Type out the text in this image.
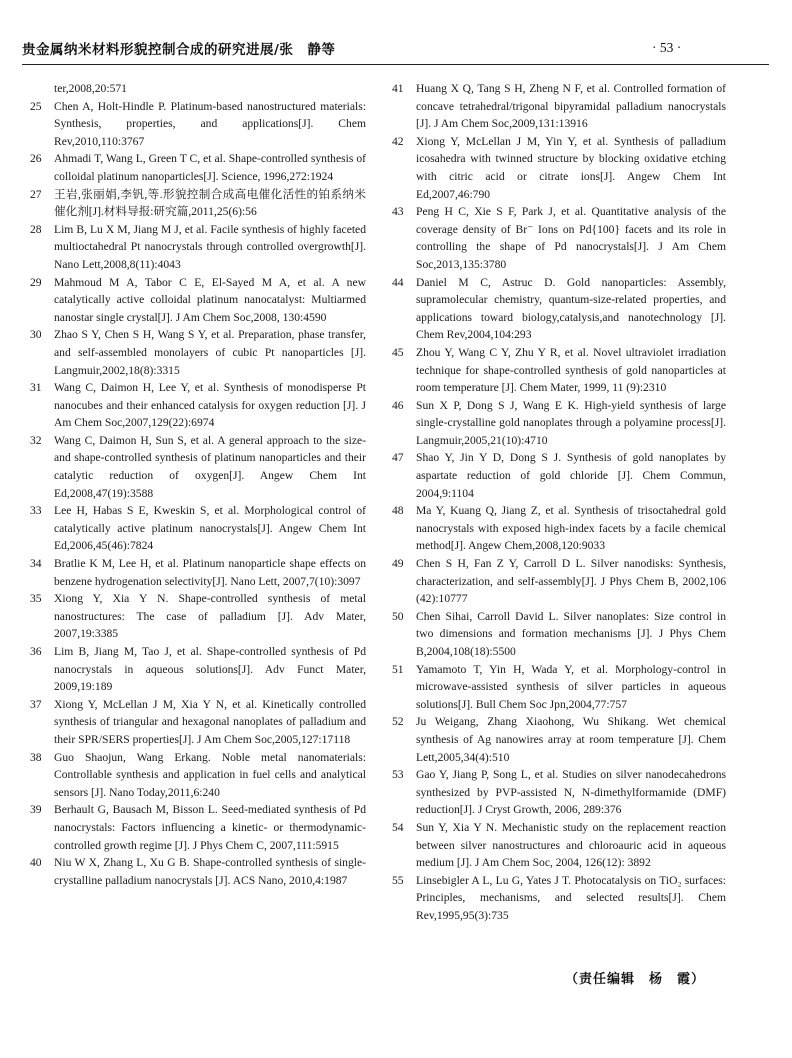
贵金属纳米材料形貌控制合成的研究进展/张　静等	· 53 ·

ter,2008,20:571

25	Chen A, Holt-Hindle P. Platinum-based nanostructured materials: Synthesis, properties, and applications[J]. Chem Rev,2010,110:3767

26	Ahmadi T, Wang L, Green T C, et al. Shape-controlled synthesis of colloidal platinum nanoparticles[J]. Science, 1996,272:1924

27	王岩,张丽娟,李钒,等.形貌控制合成高电催化活性的铂系纳米催化剂[J].材料导报:研究篇,2011,25(6):56

28	Lim B, Lu X M, Jiang M J, et al. Facile synthesis of highly faceted multioctahedral Pt nanocrystals through controlled overgrowth[J]. Nano Lett,2008,8(11):4043

29	Mahmoud M A, Tabor C E, El-Sayed M A, et al. A new catalytically active colloidal platinum nanocatalyst: Multiarmed nanostar single crystal[J]. J Am Chem Soc,2008, 130:4590

30	Zhao S Y, Chen S H, Wang S Y, et al. Preparation, phase transfer, and self-assembled monolayers of cubic Pt nanoparticles [J]. Langmuir,2002,18(8):3315

31	Wang C, Daimon H, Lee Y, et al. Synthesis of monodisperse Pt nanocubes and their enhanced catalysis for oxygen reduction [J]. J Am Chem Soc,2007,129(22):6974

32	Wang C, Daimon H, Sun S, et al. A general approach to the size- and shape-controlled synthesis of platinum nanoparticles and their catalytic reduction of oxygen[J]. Angew Chem Int Ed,2008,47(19):3588

33	Lee H, Habas S E, Kweskin S, et al. Morphological control of catalytically active platinum nanocrystals[J]. Angew Chem Int Ed,2006,45(46):7824

34	Bratlie K M, Lee H, et al. Platinum nanoparticle shape effects on benzene hydrogenation selectivity[J]. Nano Lett, 2007,7(10):3097

35	Xiong Y, Xia Y N. Shape-controlled synthesis of metal nanostructures: The case of palladium [J]. Adv Mater, 2007,19:3385

36	Lim B, Jiang M, Tao J, et al. Shape-controlled synthesis of Pd nanocrystals in aqueous solutions[J]. Adv Funct Mater, 2009,19:189

37	Xiong Y, McLellan J M, Xia Y N, et al. Kinetically controlled synthesis of triangular and hexagonal nanoplates of palladium and their SPR/SERS properties[J]. J Am Chem Soc,2005,127:17118

38	Guo Shaojun, Wang Erkang. Noble metal nanomaterials: Controllable synthesis and application in fuel cells and analytical sensors [J]. Nano Today,2011,6:240

39	Berhault G, Bausach M, Bisson L. Seed-mediated synthesis of Pd nanocrystals: Factors influencing a kinetic- or thermodynamic- controlled growth regime [J]. J Phys Chem C, 2007,111:5915

40	Niu W X, Zhang L, Xu G B. Shape-controlled synthesis of single-crystalline palladium nanocrystals [J]. ACS Nano, 2010,4:1987

41	Huang X Q, Tang S H, Zheng N F, et al. Controlled formation of concave tetrahedral/trigonal bipyramidal palladium nanocrystals [J]. J Am Chem Soc,2009,131:13916

42	Xiong Y, McLellan J M, Yin Y, et al. Synthesis of palladium icosahedra with twinned structure by blocking oxidative etching with citric acid or citrate ions[J]. Angew Chem Int Ed,2007,46:790

43	Peng H C, Xie S F, Park J, et al. Quantitative analysis of the coverage density of Br⁻ Ions on Pd{100} facets and its role in controlling the shape of Pd nanocrystals[J]. J Am Chem Soc,2013,135:3780

44	Daniel M C, Astruc D. Gold nanoparticles: Assembly, supramolecular chemistry, quantum-size-related properties, and applications toward biology,catalysis,and nanotechnology [J]. Chem Rev,2004,104:293

45	Zhou Y, Wang C Y, Zhu Y R, et al. Novel ultraviolet irradiation technique for shape-controlled synthesis of gold nanoparticles at room temperature [J]. Chem Mater, 1999, 11 (9):2310

46	Sun X P, Dong S J, Wang E K. High-yield synthesis of large single-crystalline gold nanoplates through a polyamine process[J]. Langmuir,2005,21(10):4710

47	Shao Y, Jin Y D, Dong S J. Synthesis of gold nanoplates by aspartate reduction of gold chloride [J]. Chem Commun, 2004,9:1104

48	Ma Y, Kuang Q, Jiang Z, et al. Synthesis of trisoctahedral gold nanocrystals with exposed high-index facets by a facile chemical method[J]. Angew Chem,2008,120:9033

49	Chen S H, Fan Z Y, Carroll D L. Silver nanodisks: Synthesis, characterization, and self-assembly[J]. J Phys Chem B, 2002,106 (42):10777

50	Chen Sihai, Carroll David L. Silver nanoplates: Size control in two dimensions and formation mechanisms [J]. J Phys Chem B,2004,108(18):5500

51	Yamamoto T, Yin H, Wada Y, et al. Morphology-control in microwave-assisted synthesis of silver particles in aqueous solutions[J]. Bull Chem Soc Jpn,2004,77:757

52	Ju Weigang, Zhang Xiaohong, Wu Shikang. Wet chemical synthesis of Ag nanowires array at room temperature [J]. Chem Lett,2005,34(4):510

53	Gao Y, Jiang P, Song L, et al. Studies on silver nanodecahedrons synthesized by PVP-assisted N, N-dimethylformamide (DMF) reduction[J]. J Cryst Growth, 2006, 289:376

54	Sun Y, Xia Y N. Mechanistic study on the replacement reaction between silver nanostructures and chloroauric acid in aqueous medium [J]. J Am Chem Soc, 2004, 126(12): 3892

55	Linsebigler A L, Lu G, Yates J T. Photocatalysis on TiO₂ surfaces: Principles, mechanisms, and selected results[J]. Chem Rev,1995,95(3):735

（责任编辑　杨　霞）
